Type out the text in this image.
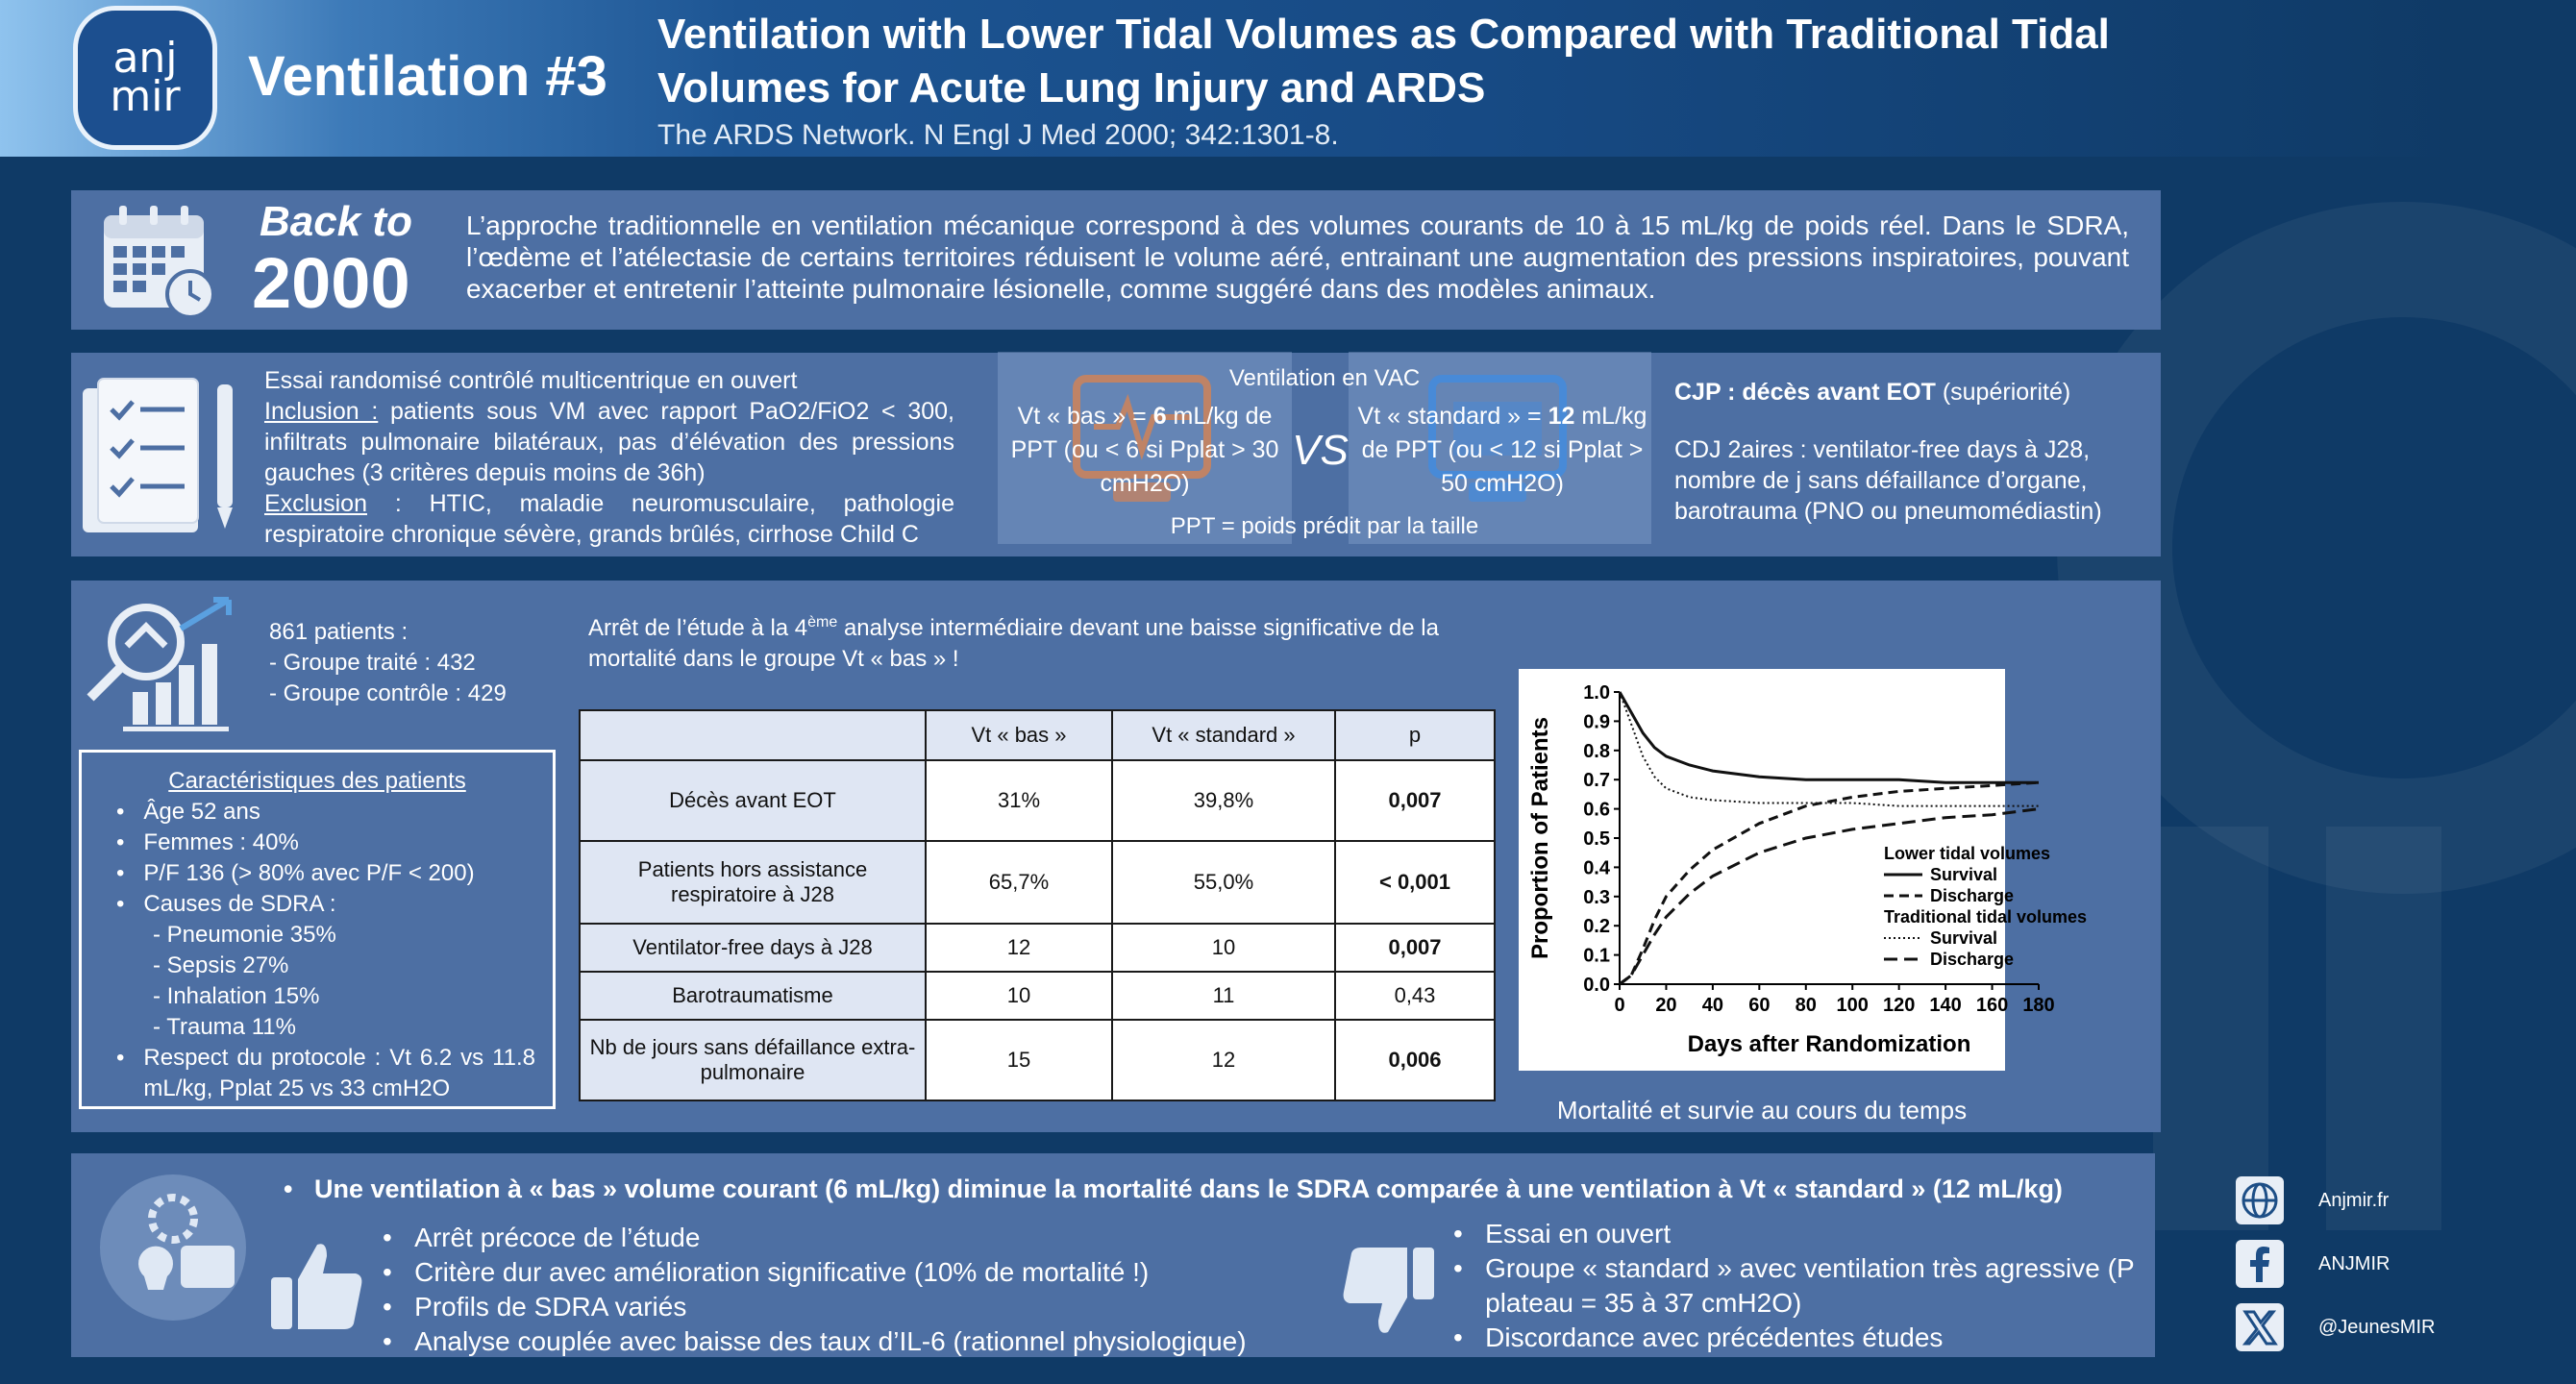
anj
mir Ventilation #3
Ventilation with Lower Tidal Volumes as Compared with Traditional Tidal Volumes for Acute Lung Injury and ARDS
The ARDS Network. N Engl J Med 2000; 342:1301-8.
Back to
2000
L’approche traditionnelle en ventilation mécanique correspond à des volumes courants de 10 à 15 mL/kg de poids réel. Dans le SDRA, l’œdème et l’atélectasie de certains territoires réduisent le volume aéré, entrainant une augmentation des pressions inspiratoires, pouvant exacerber et entretenir l’atteinte pulmonaire lésionelle, comme suggéré dans des modèles animaux.
Essai randomisé contrôlé multicentrique en ouvert
Inclusion : patients sous VM avec rapport PaO2/FiO2 < 300, infiltrats pulmonaire bilatéraux, pas d’élévation des pressions gauches (3 critères depuis moins de 36h)
Exclusion : HTIC, maladie neuromusculaire, pathologie respiratoire chronique sévère, grands brûlés, cirrhose Child C
Ventilation en VAC
Vt « bas » = 6 mL/kg de PPT (ou < 6 si Pplat > 30 cmH2O)
VS
Vt « standard » = 12 mL/kg de PPT (ou < 12 si Pplat > 50 cmH2O)
PPT = poids prédit par la taille
CJP : décès avant EOT (supériorité)
CDJ 2aires : ventilator-free days à J28, nombre de j sans défaillance d’organe, barotrauma (PNO ou pneumomédiastin)
861 patients :
- Groupe traité : 432
- Groupe contrôle : 429
Arrêt de l’étude à la 4ème analyse intermédiaire devant une baisse significative de la mortalité dans le groupe Vt « bas » !
Caractéristiques des patients
•   Âge 52 ans
•   Femmes : 40%
•   P/F 136 (> 80% avec P/F < 200)
•   Causes de SDRA :
- Pneumonie 35%
- Sepsis 27%
- Inhalation 15%
- Trauma 11%
• Respect du protocole : Vt 6.2 vs 11.8 mL/kg, Pplat 25 vs 33 cmH2O
	Vt « bas »	Vt « standard »	p
Décès avant EOT	31%	39,8%	0,007
Patients hors assistance respiratoire à J28	65,7%	55,0%	< 0,001
Ventilator-free days à J28	12	10	0,007
Barotraumatisme	10	11	0,43
Nb de jours sans défaillance extra-pulmonaire	15	12	0,006
0.0
0.1
0.2
0.3
0.4
0.5
0.6
0.7
0.8
0.9
1.0
0 20 40 60 80 100 120 140 160 180
Days after Randomization
Proportion of Patients	Lower tidal volumes
Survival
Discharge
Traditional tidal volumes
Survival
Discharge
Mortalité et survie au cours du temps
•   Une ventilation à « bas » volume courant (6 mL/kg) diminue la mortalité dans le SDRA comparée à une ventilation à Vt « standard » (12 mL/kg)
•   Arrêt précoce de l’étude
•   Critère dur avec amélioration significative (10% de mortalité !)
•   Profils de SDRA variés
•   Analyse couplée avec baisse des taux d’IL-6 (rationnel physiologique)
•   Essai en ouvert
• Groupe « standard » avec ventilation très agressive (P plateau = 35 à 37 cmH2O)
•   Discordance avec précédentes études
Anjmir.fr
ANJMIR
@JeunesMIR
